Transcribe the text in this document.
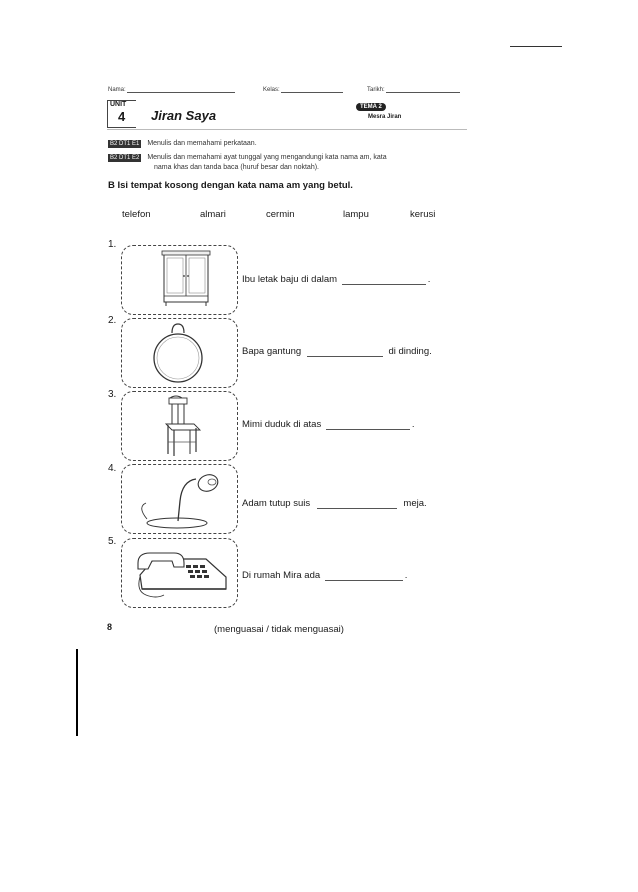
Nama:	Kelas:	Tarikh:
UNIT
4 Jiran Saya
TEMA 2
Mesra Jiran
B2 DT1 E1 Menulis dan memahami perkataan.
B2 DT1 E2 Menulis dan memahami ayat tunggal yang mengandungi kata nama am, kata
nama khas dan tanda baca (huruf besar dan noktah).
B Isi tempat kosong dengan kata nama am yang betul.
telefon	almari	cermin	lampu	kerusi
1.
Ibu letak baju di dalam	.
2.
Bapa gantung	di dinding.
3.
Mimi duduk di atas	.
4.
Adam tutup suis	meja.
5.
Di rumah Mira ada	.
8	(menguasai / tidak menguasai)
